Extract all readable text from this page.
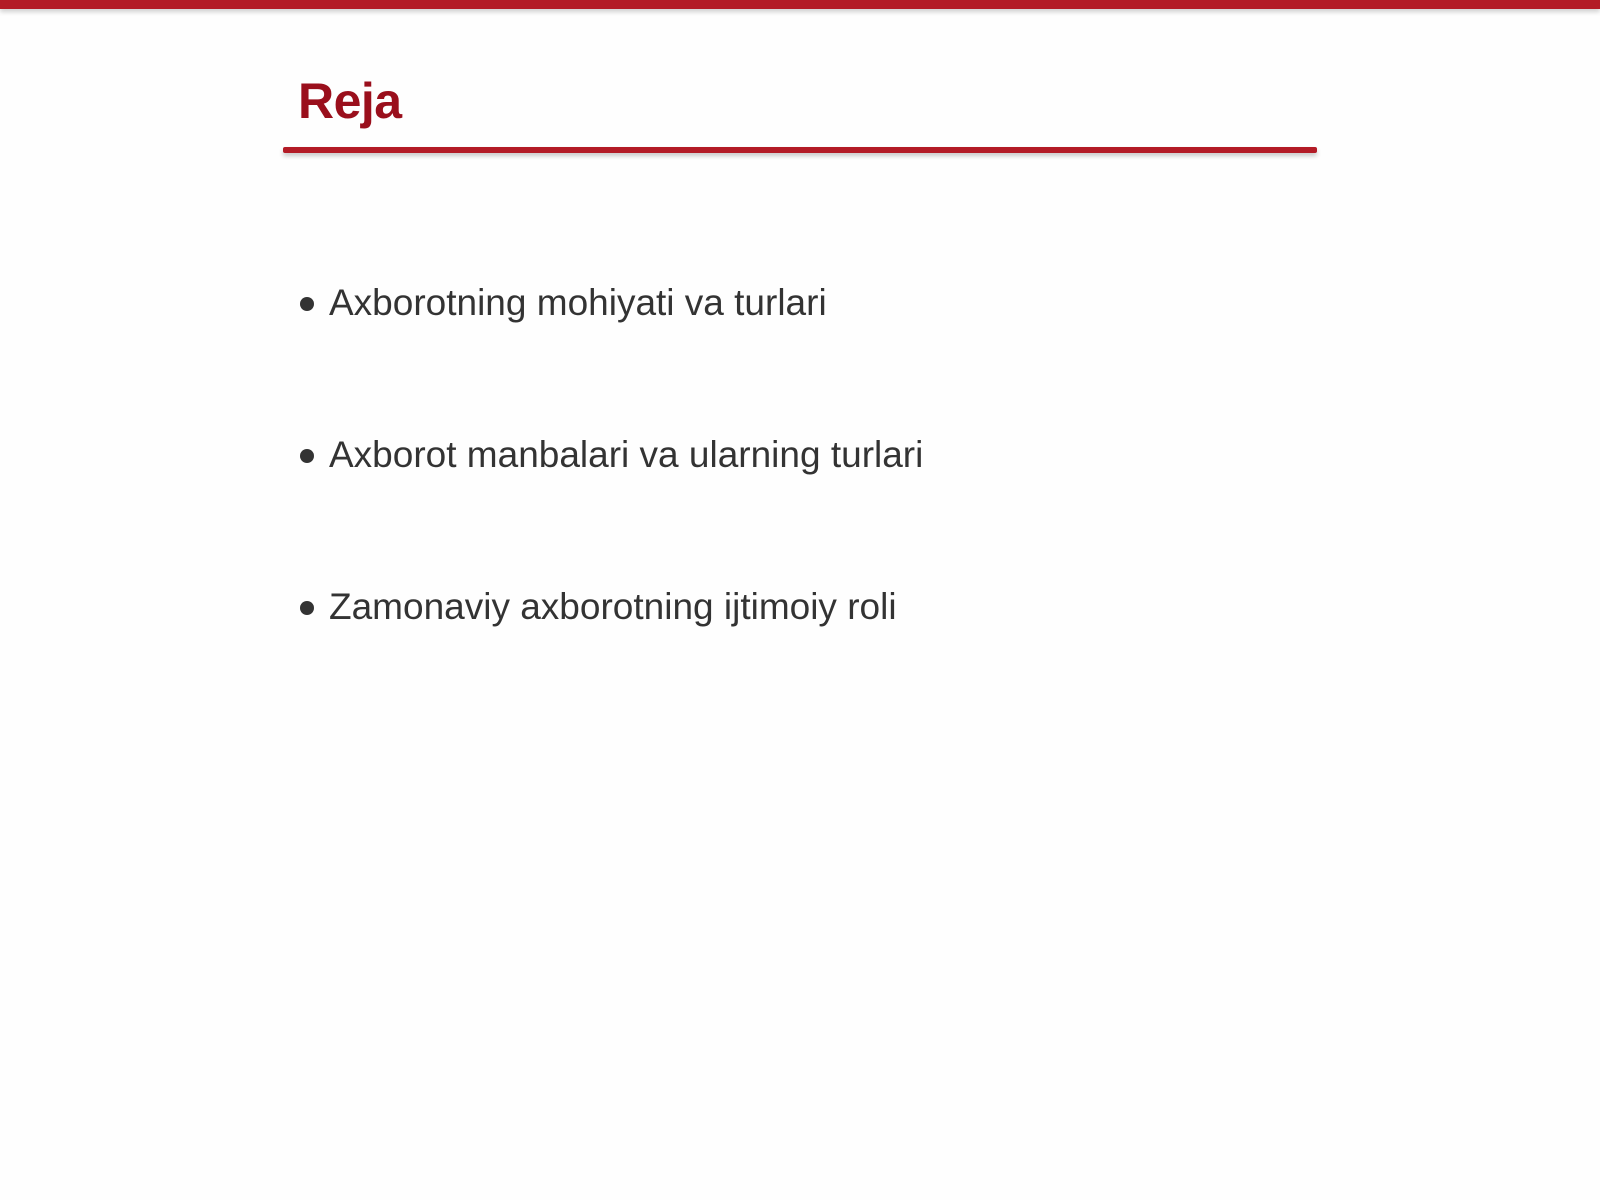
Reja
Axborotning mohiyati va turlari
Axborot manbalari va ularning turlari
Zamonaviy axborotning ijtimoiy roli
